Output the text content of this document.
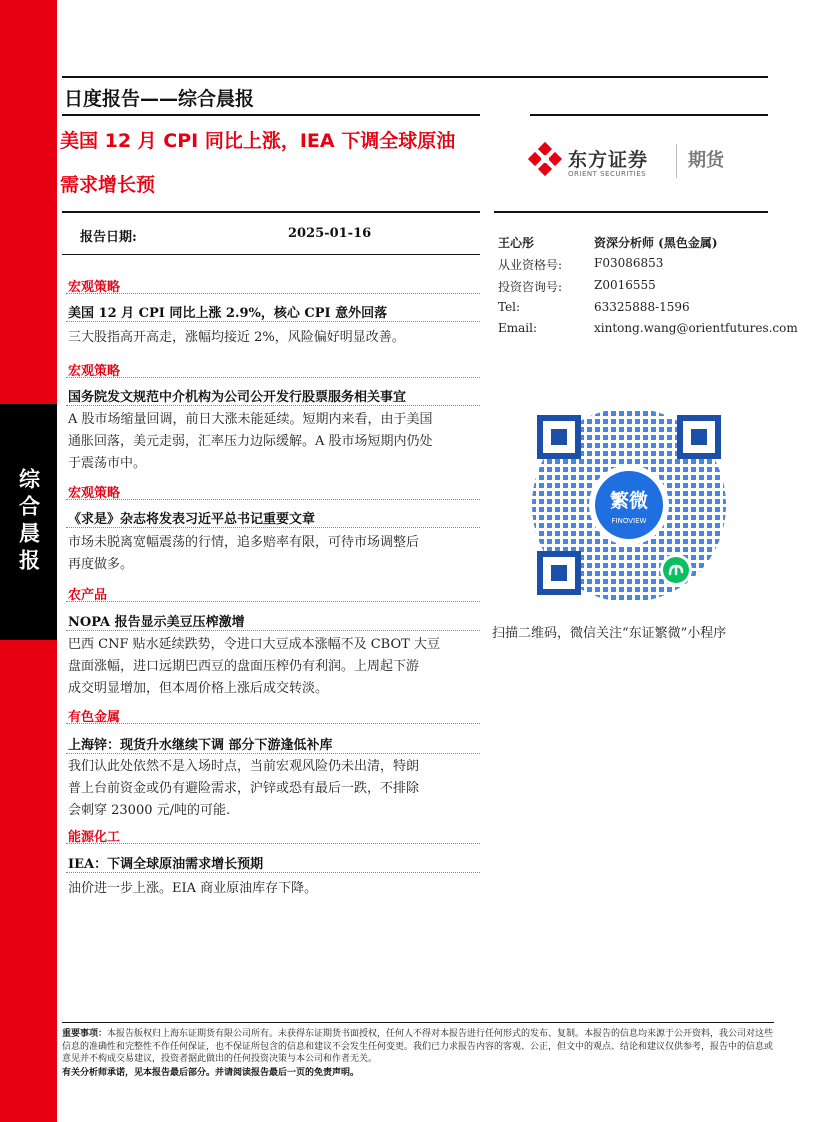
综合晨报
日度报告——综合晨报
美国 12 月 CPI 同比上涨，IEA 下调全球原油
需求增长预
东方证券
ORIENT SECURITIES
期货
报告日期:	2025-01-16
王心彤	资深分析师 (黑色金属)
从业资格号:	F03086853
投资咨询号:	Z0016555
Tel:	63325888-1596
Email:	xintong.wang@orientfutures.com
繁微
FINOVIEW
扫描二维码，微信关注“东证繁微”小程序
宏观策略
美国 12 月 CPI 同比上涨 2.9%，核心 CPI 意外回落
三大股指高开高走，涨幅均接近 2%，风险偏好明显改善。
宏观策略
国务院发文规范中介机构为公司公开发行股票服务相关事宜
A 股市场缩量回调，前日大涨未能延续。短期内来看，由于美国
通胀回落，美元走弱，汇率压力边际缓解。A 股市场短期内仍处
于震荡市中。
宏观策略
《求是》杂志将发表习近平总书记重要文章
市场未脱离宽幅震荡的行情，追多赔率有限，可待市场调整后
再度做多。
农产品
NOPA 报告显示美豆压榨激增
巴西 CNF 贴水延续跌势，令进口大豆成本涨幅不及 CBOT 大豆
盘面涨幅，进口远期巴西豆的盘面压榨仍有利润。上周起下游
成交明显增加，但本周价格上涨后成交转淡。
有色金属
上海锌：现货升水继续下调 部分下游逢低补库
我们认此处依然不是入场时点，当前宏观风险仍未出清，特朗
普上台前资金或仍有避险需求，沪锌或恐有最后一跌，不排除
会刺穿 23000 元/吨的可能.
能源化工
IEA：下调全球原油需求增长预期
油价进一步上涨。EIA 商业原油库存下降。
重要事项：本报告版权归上海东证期货有限公司所有。未获得东证期货书面授权，任何人不得对本报告进行任何形式的发布、复制。本报告的信息均来源于公开资料，我公司对这些信息的准确性和完整性不作任何保证，也不保证所包含的信息和建议不会发生任何变更。我们已力求报告内容的客观、公正，但文中的观点、结论和建议仅供参考，报告中的信息或意见并不构成交易建议，投资者据此做出的任何投资决策与本公司和作者无关。
有关分析师承诺，见本报告最后部分。并请阅读报告最后一页的免责声明。
